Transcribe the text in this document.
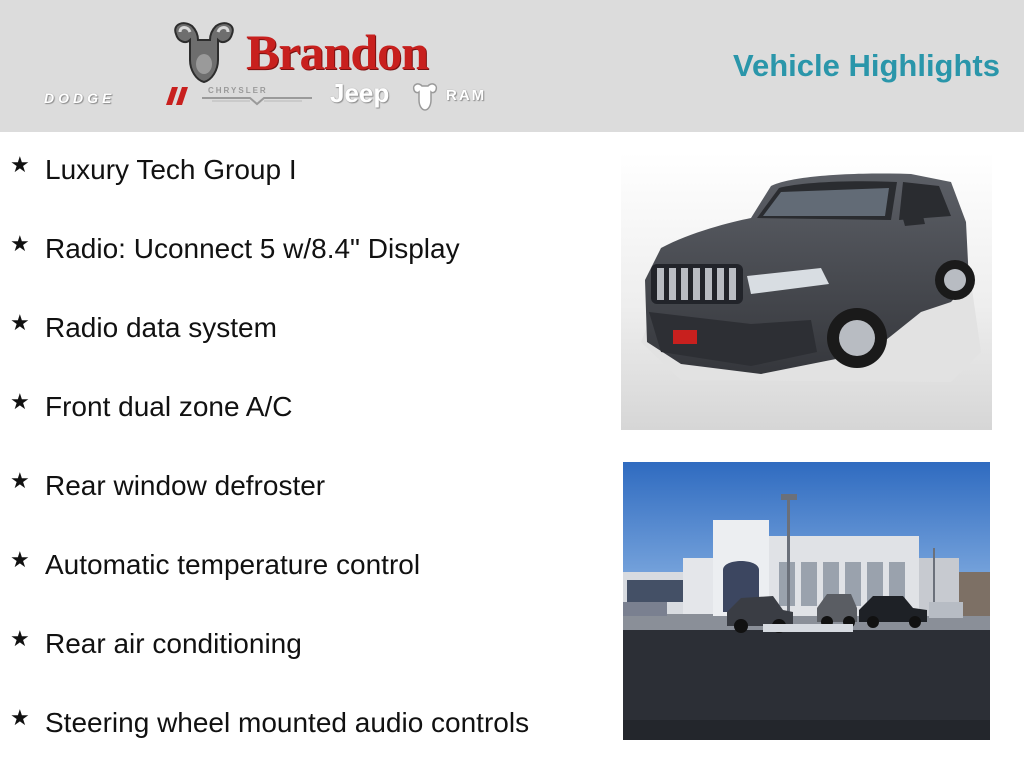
Brandon
DODGE	CHRYSLER Jeep	RAM
Vehicle Highlights
★ Luxury Tech Group I
★ Radio: Uconnect 5 w/8.4" Display
★ Radio data system
★ Front dual zone A/C
★ Rear window defroster
★ Automatic temperature control
★ Rear air conditioning
★ Steering wheel mounted audio controls
